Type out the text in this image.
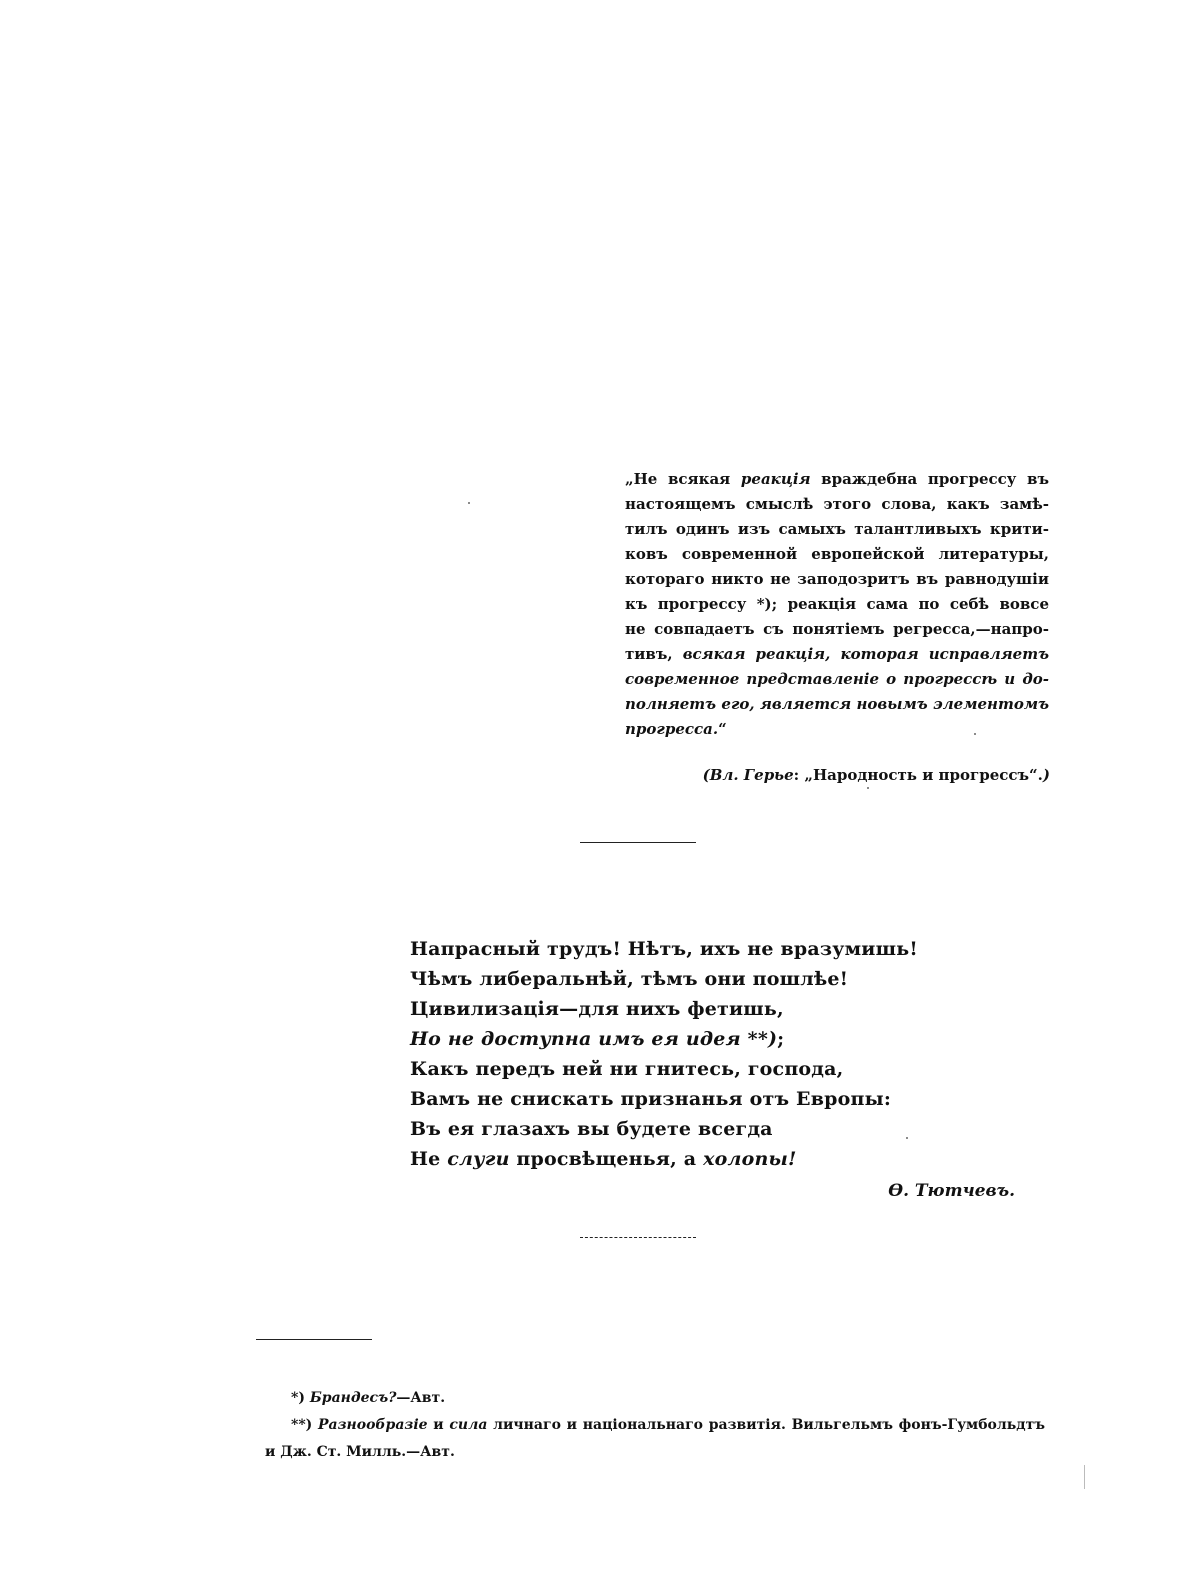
„Не всякая реакція враждебна прогрессу въ
настоящемъ смыслѣ этого слова, какъ замѣ-
тилъ одинъ изъ самыхъ талантливыхъ крити-
ковъ современной европейской литературы,
котораго никто не заподозритъ въ равнодушіи
къ прогрессу *); реакція сама по себѣ вовсе
не совпадаетъ съ понятіемъ регресса,—напро-
тивъ, всякая реакція, которая исправляетъ
современное представленіе о прогрессѣ и до-
полняетъ его, является новымъ элементомъ
прогресса.“
(Вл. Герье: „Народность и прогрессъ“.)
Напрасный трудъ! Нѣтъ, ихъ не вразумишь!
Чѣмъ либеральнѣй, тѣмъ они пошлѣе!
Цивилизація—для нихъ фетишь,
Но не доступна имъ ея идея **);
Какъ передъ ней ни гнитесь, господа,
Вамъ не снискать признанья отъ Европы:
Въ ея глазахъ вы будете всегда
Не слуги просвѣщенья, а холопы!
Ѳ. Тютчевъ.
*) Брандесъ?—Авт.
**) Разнообразіе и сила личнаго и національнаго развитія. Вильгельмъ фонъ-Гумбольдтъ и Дж. Ст. Милль.—Авт.
